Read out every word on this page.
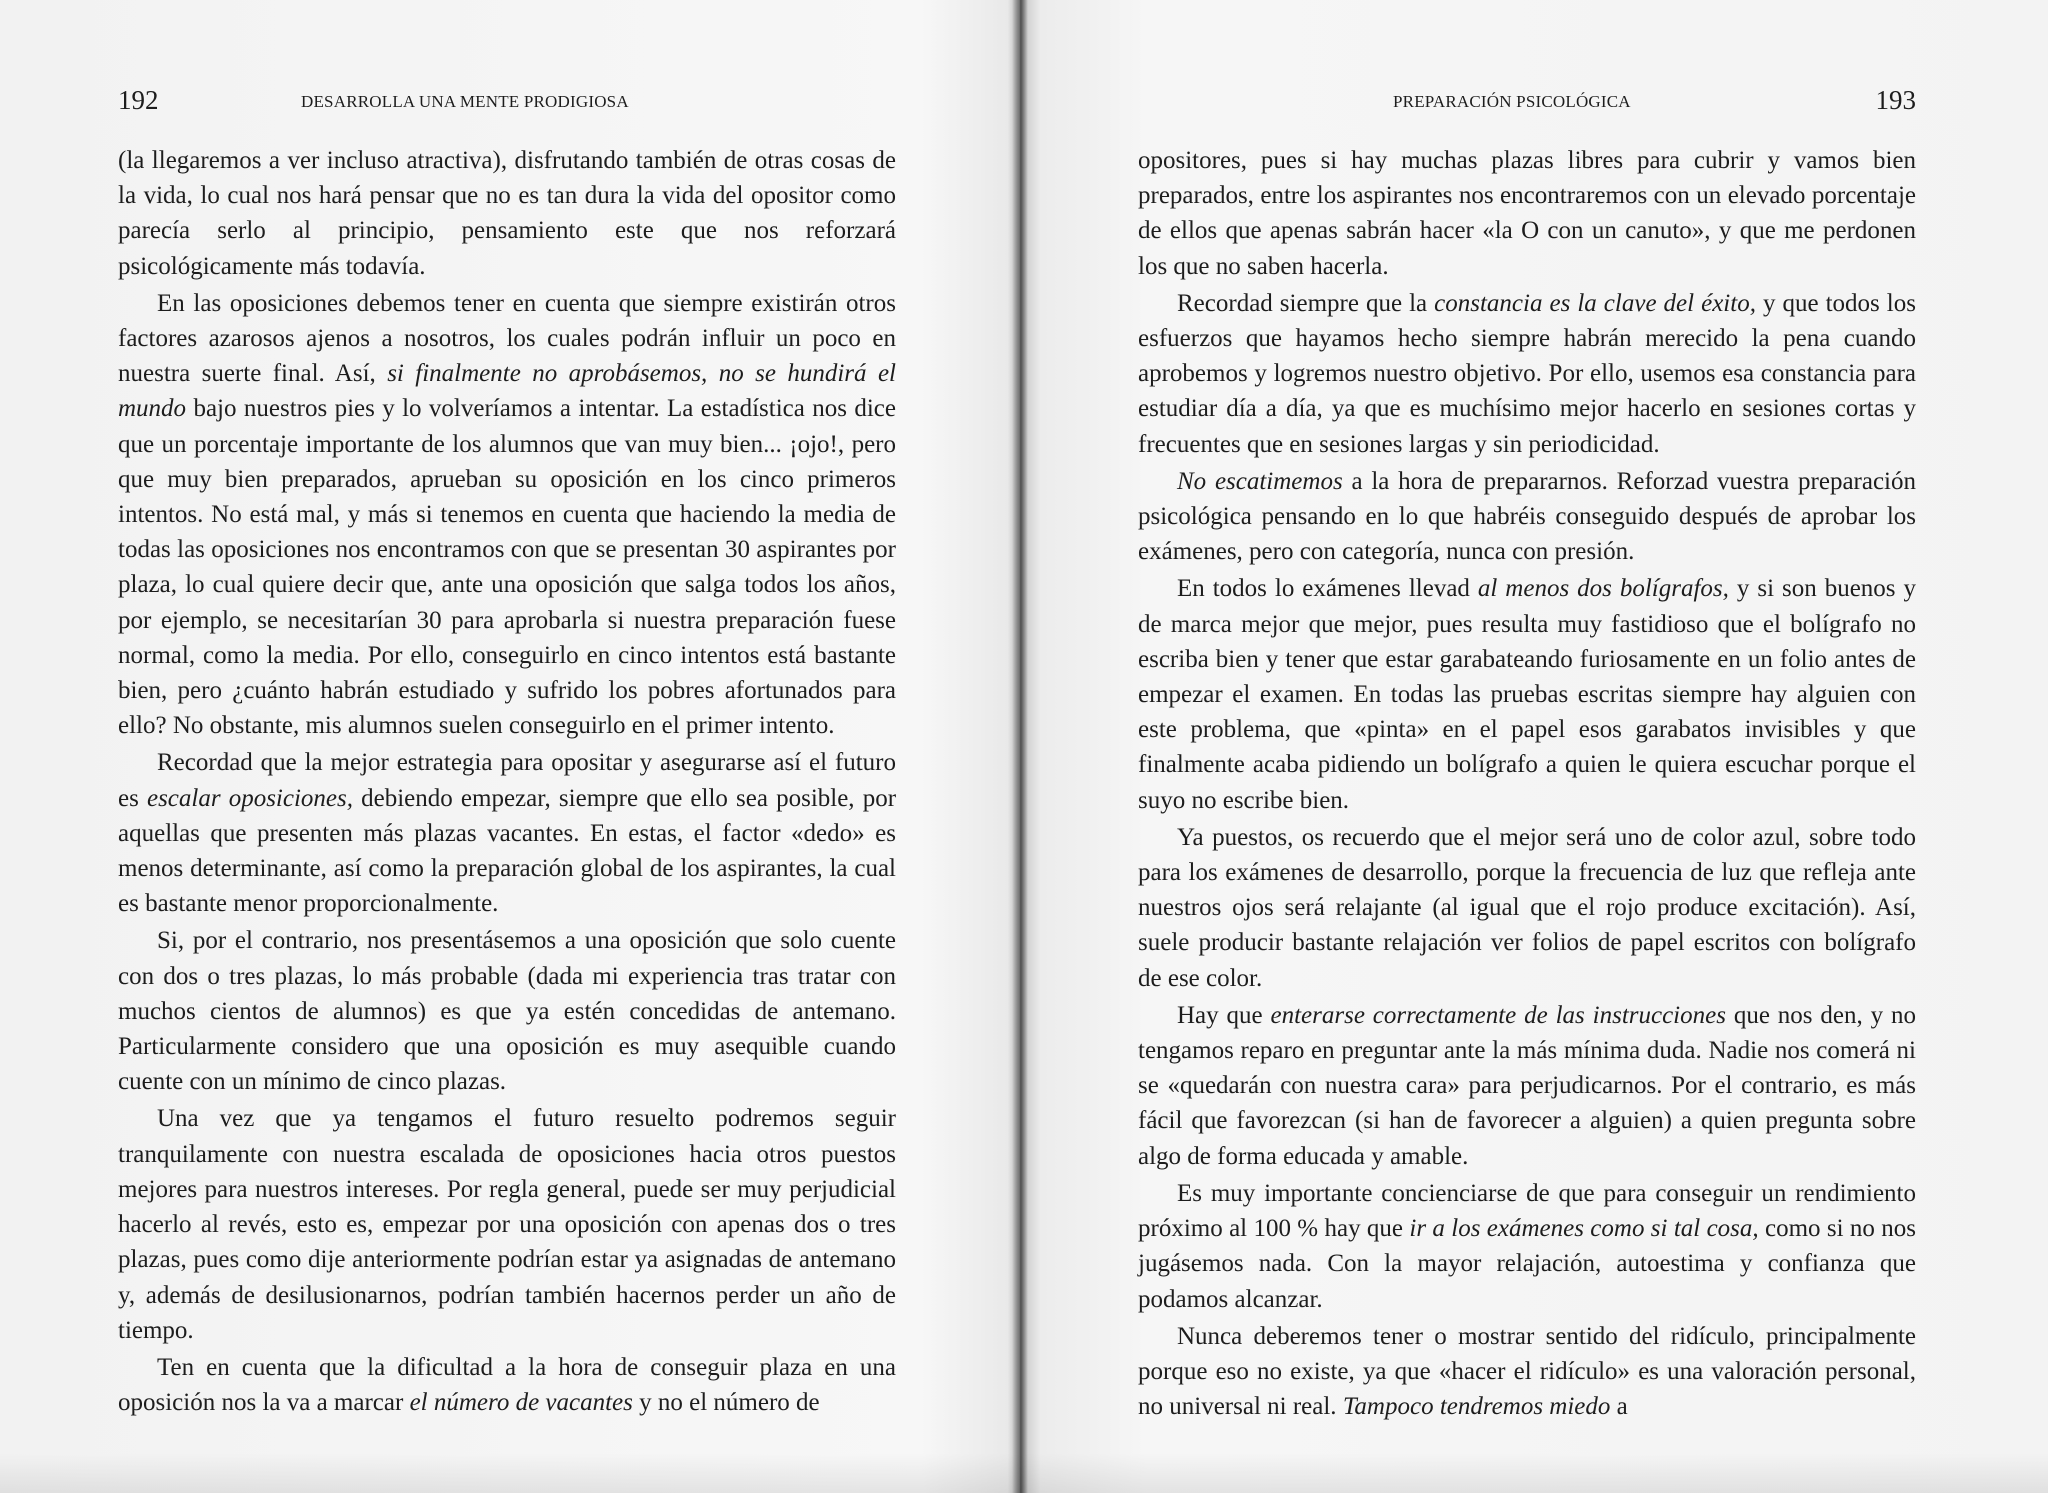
192	DESARROLLA UNA MENTE PRODIGIOSA

(la llegaremos a ver incluso atractiva), disfrutando también de otras cosas de la vida, lo cual nos hará pensar que no es tan dura la vida del opositor como parecía serlo al principio, pensamiento este que nos reforzará psicológicamente más todavía.

En las oposiciones debemos tener en cuenta que siempre existirán otros factores azarosos ajenos a nosotros, los cuales podrán influir un poco en nuestra suerte final. Así, si finalmente no aprobásemos, no se hundirá el mundo bajo nuestros pies y lo volveríamos a intentar. La estadística nos dice que un porcentaje importante de los alumnos que van muy bien... ¡ojo!, pero que muy bien preparados, aprueban su oposición en los cinco primeros intentos. No está mal, y más si tenemos en cuenta que haciendo la media de todas las oposiciones nos encontramos con que se presentan 30 aspirantes por plaza, lo cual quiere decir que, ante una oposición que salga todos los años, por ejemplo, se necesitarían 30 para aprobarla si nuestra preparación fuese normal, como la media. Por ello, conseguirlo en cinco intentos está bastante bien, pero ¿cuánto habrán estudiado y sufrido los pobres afortunados para ello? No obstante, mis alumnos suelen conseguirlo en el primer intento.

Recordad que la mejor estrategia para opositar y asegurarse así el futuro es escalar oposiciones, debiendo empezar, siempre que ello sea posible, por aquellas que presenten más plazas vacantes. En estas, el factor «dedo» es menos determinante, así como la preparación global de los aspirantes, la cual es bastante menor proporcionalmente.

Si, por el contrario, nos presentásemos a una oposición que solo cuente con dos o tres plazas, lo más probable (dada mi experiencia tras tratar con muchos cientos de alumnos) es que ya estén concedidas de antemano. Particularmente considero que una oposición es muy asequible cuando cuente con un mínimo de cinco plazas.

Una vez que ya tengamos el futuro resuelto podremos seguir tranquilamente con nuestra escalada de oposiciones hacia otros puestos mejores para nuestros intereses. Por regla general, puede ser muy perjudicial hacerlo al revés, esto es, empezar por una oposición con apenas dos o tres plazas, pues como dije anteriormente podrían estar ya asignadas de antemano y, además de desilusionarnos, podrían también hacernos perder un año de tiempo.

Ten en cuenta que la dificultad a la hora de conseguir plaza en una oposición nos la va a marcar el número de vacantes y no el número de

PREPARACIÓN PSICOLÓGICA	193

opositores, pues si hay muchas plazas libres para cubrir y vamos bien preparados, entre los aspirantes nos encontraremos con un elevado porcentaje de ellos que apenas sabrán hacer «la O con un canuto», y que me perdonen los que no saben hacerla.

Recordad siempre que la constancia es la clave del éxito, y que todos los esfuerzos que hayamos hecho siempre habrán merecido la pena cuando aprobemos y logremos nuestro objetivo. Por ello, usemos esa constancia para estudiar día a día, ya que es muchísimo mejor hacerlo en sesiones cortas y frecuentes que en sesiones largas y sin periodicidad.

No escatimemos a la hora de prepararnos. Reforzad vuestra preparación psicológica pensando en lo que habréis conseguido después de aprobar los exámenes, pero con categoría, nunca con presión.

En todos lo exámenes llevad al menos dos bolígrafos, y si son buenos y de marca mejor que mejor, pues resulta muy fastidioso que el bolígrafo no escriba bien y tener que estar garabateando furiosamente en un folio antes de empezar el examen. En todas las pruebas escritas siempre hay alguien con este problema, que «pinta» en el papel esos garabatos invisibles y que finalmente acaba pidiendo un bolígrafo a quien le quiera escuchar porque el suyo no escribe bien.

Ya puestos, os recuerdo que el mejor será uno de color azul, sobre todo para los exámenes de desarrollo, porque la frecuencia de luz que refleja ante nuestros ojos será relajante (al igual que el rojo produce excitación). Así, suele producir bastante relajación ver folios de papel escritos con bolígrafo de ese color.

Hay que enterarse correctamente de las instrucciones que nos den, y no tengamos reparo en preguntar ante la más mínima duda. Nadie nos comerá ni se «quedarán con nuestra cara» para perjudicarnos. Por el contrario, es más fácil que favorezcan (si han de favorecer a alguien) a quien pregunta sobre algo de forma educada y amable.

Es muy importante concienciarse de que para conseguir un rendimiento próximo al 100 % hay que ir a los exámenes como si tal cosa, como si no nos jugásemos nada. Con la mayor relajación, autoestima y confianza que podamos alcanzar.

Nunca deberemos tener o mostrar sentido del ridículo, principalmente porque eso no existe, ya que «hacer el ridículo» es una valoración personal, no universal ni real. Tampoco tendremos miedo a
